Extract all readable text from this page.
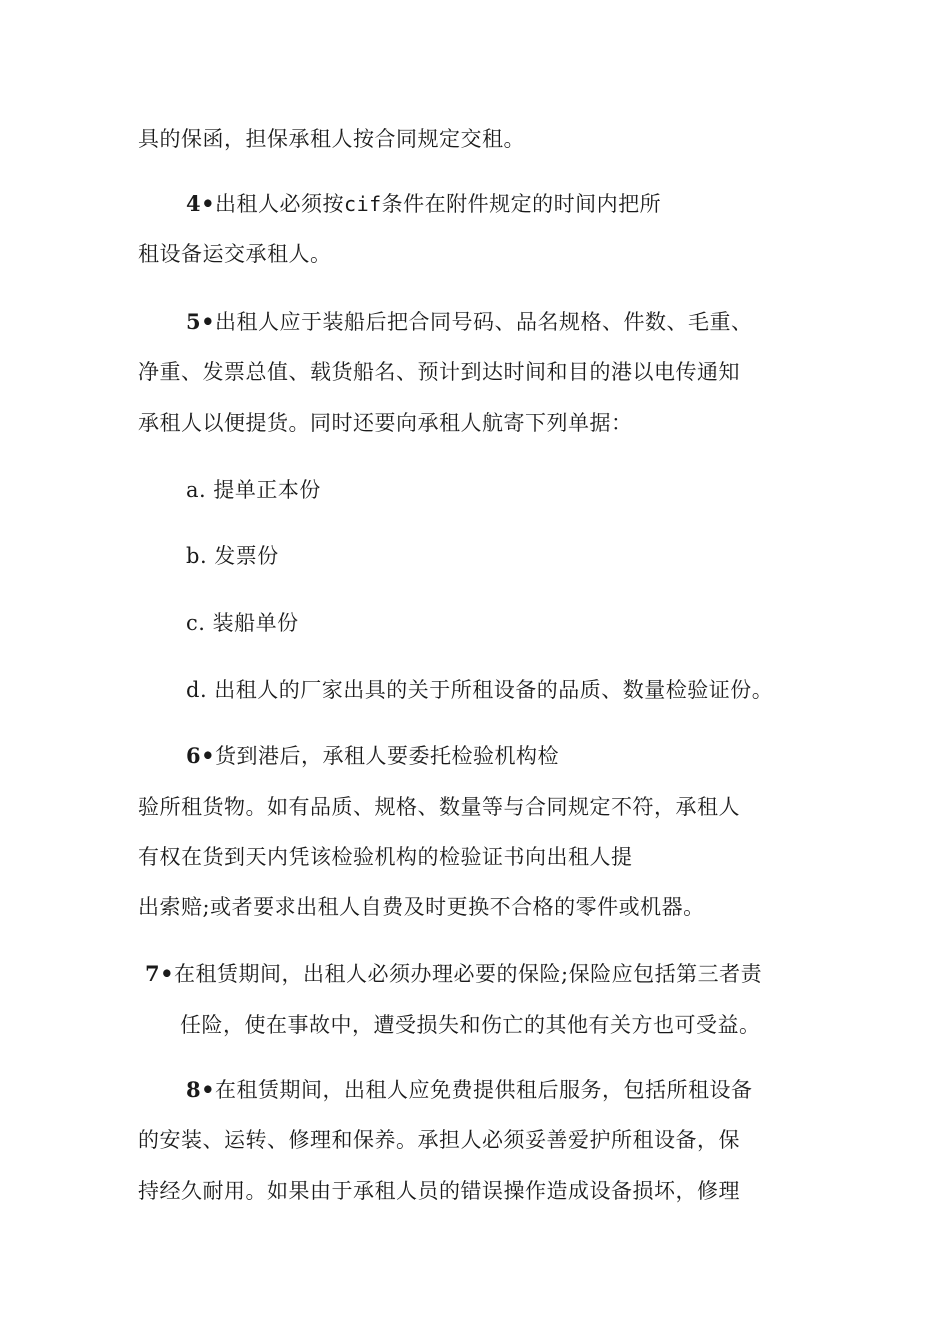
具的保函，担保承租人按合同规定交租。
4•出租人必须按cif条件在附件规定的时间内把所
租设备运交承租人。
5•出租人应于装船后把合同号码、品名规格、件数、毛重、
净重、发票总值、载货船名、预计到达时间和目的港以电传通知
承租人以便提货。同时还要向承租人航寄下列单据：
a. 提单正本份
b. 发票份
c. 装船单份
d. 出租人的厂家出具的关于所租设备的品质、数量检验证份。
6•货到港后，承租人要委托检验机构检
验所租货物。如有品质、规格、数量等与合同规定不符，承租人
有权在货到天内凭该检验机构的检验证书向出租人提
出索赔;或者要求出租人自费及时更换不合格的零件或机器。
7•在租赁期间，出租人必须办理必要的保险;保险应包括第三者责
任险，使在事故中，遭受损失和伤亡的其他有关方也可受益。
8•在租赁期间，出租人应免费提供租后服务，包括所租设备
的安装、运转、修理和保养。承担人必须妥善爱护所租设备，保
持经久耐用。如果由于承租人员的错误操作造成设备损坏，修理
